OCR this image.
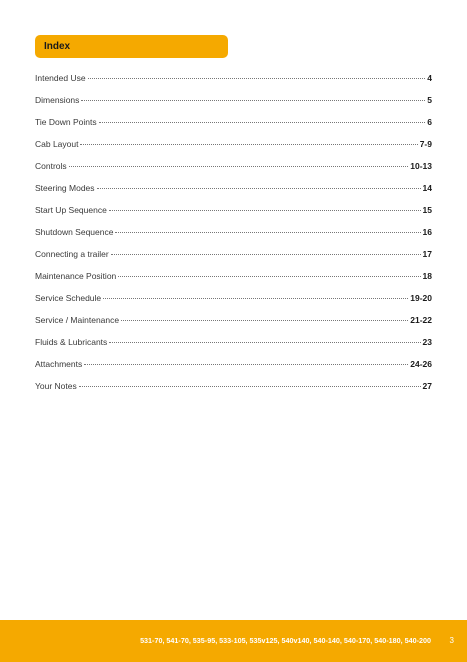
Index
Intended Use	4
Dimensions	5
Tie Down Points	6
Cab Layout	7-9
Controls	10-13
Steering Modes	14
Start Up Sequence	15
Shutdown Sequence	16
Connecting a trailer	17
Maintenance Position	18
Service Schedule	19-20
Service / Maintenance	21-22
Fluids & Lubricants	23
Attachments	24-26
Your Notes	27
531-70, 541-70, 535-95, 533-105, 535v125, 540v140, 540-140, 540-170, 540-180, 540-200 3
